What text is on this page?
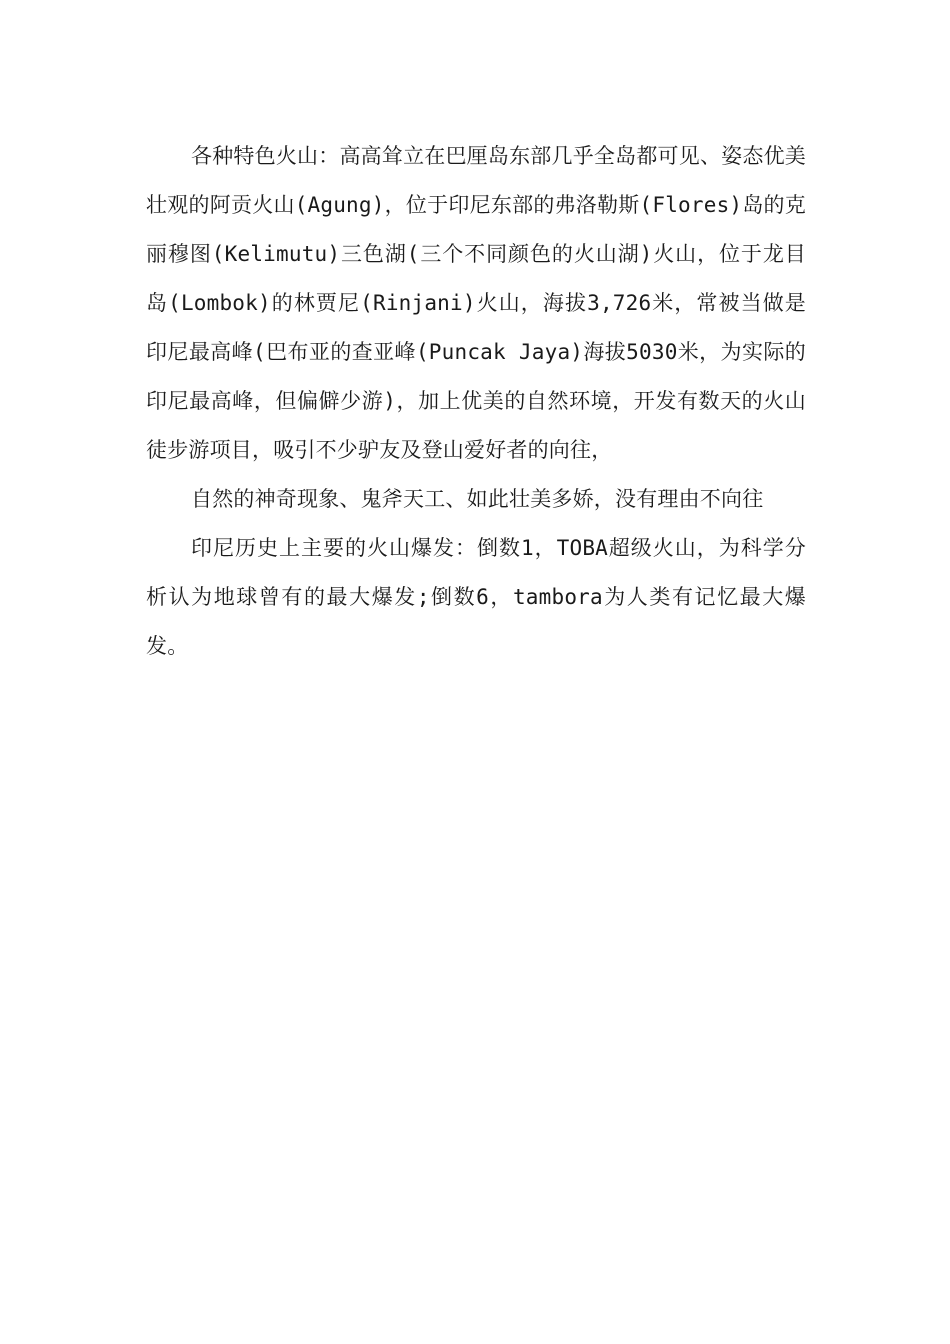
各种特色火山：高高耸立在巴厘岛东部几乎全岛都可见、姿态优美壮观的阿贡火山(Agung)，位于印尼东部的弗洛勒斯(Flores)岛的克丽穆图(Kelimutu)三色湖(三个不同颜色的火山湖)火山，位于龙目岛(Lombok)的林贾尼(Rinjani)火山，海拔3,726米，常被当做是印尼最高峰(巴布亚的查亚峰(Puncak Jaya)海拔5030米，为实际的印尼最高峰，但偏僻少游)，加上优美的自然环境，开发有数天的火山徒步游项目，吸引不少驴友及登山爱好者的向往，

自然的神奇现象、鬼斧天工、如此壮美多娇，没有理由不向往

印尼历史上主要的火山爆发：倒数1，TOBA超级火山，为科学分析认为地球曾有的最大爆发;倒数6，tambora为人类有记忆最大爆发。
